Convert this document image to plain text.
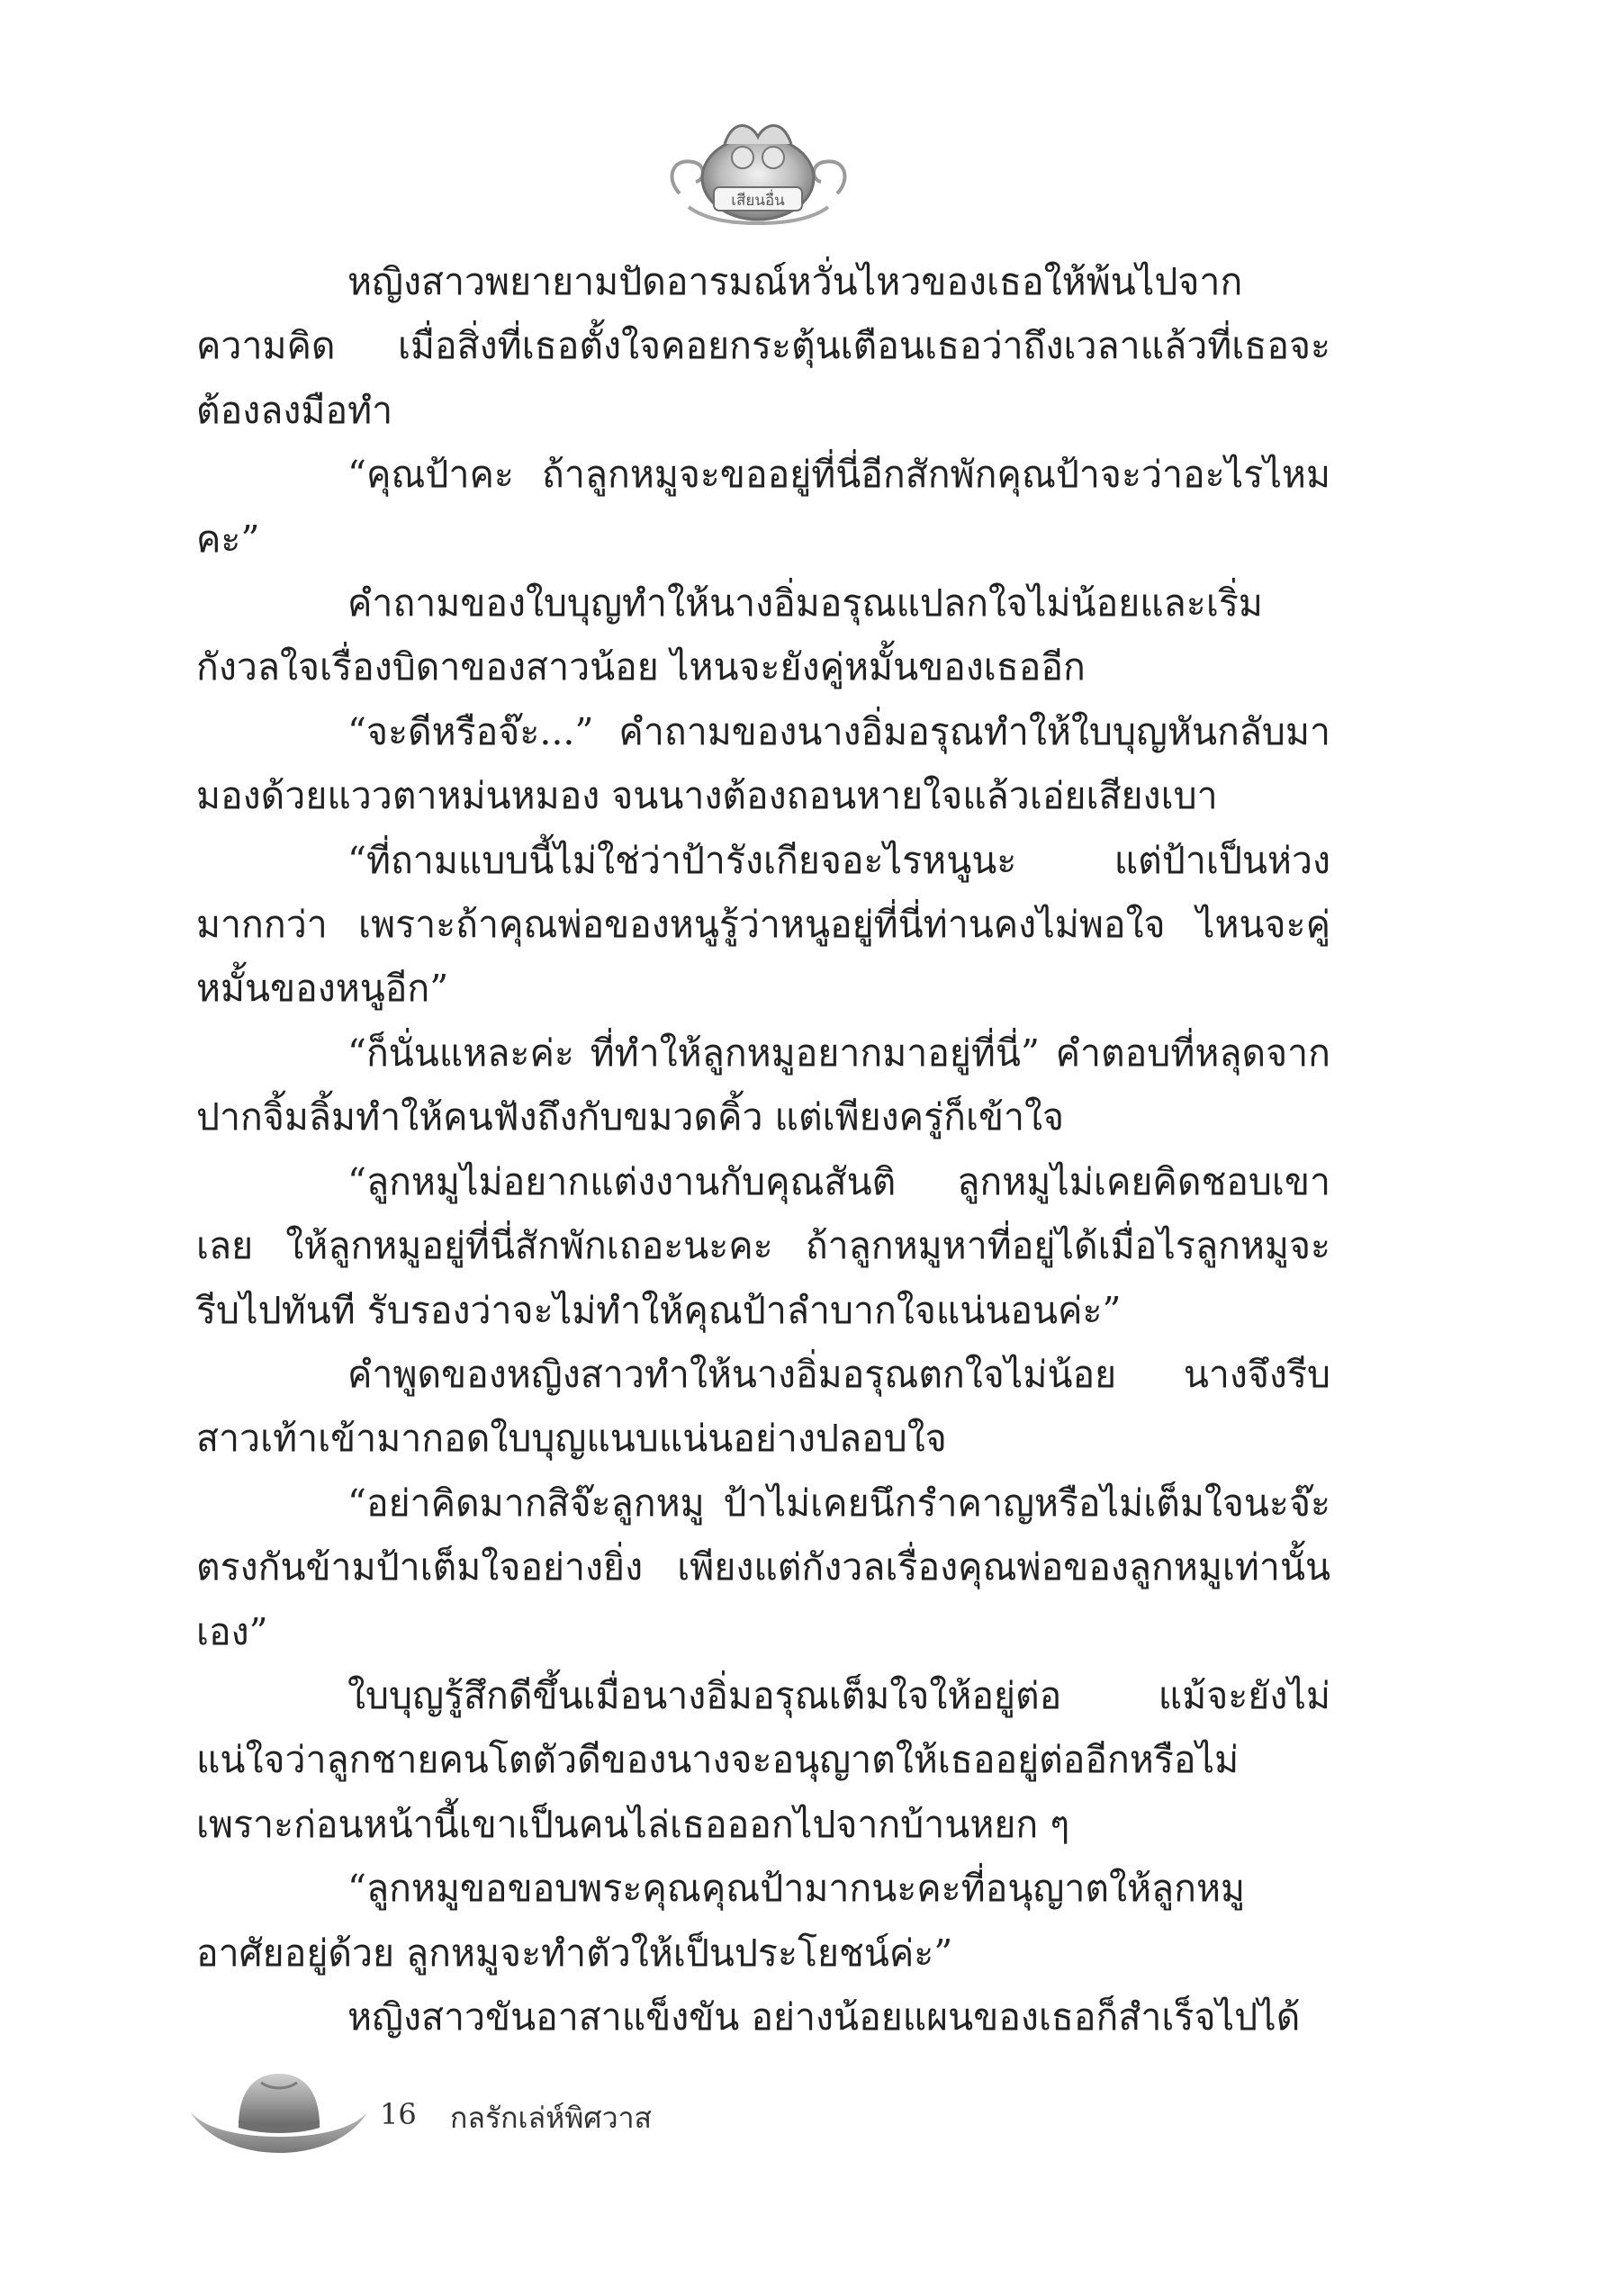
เสียนอื่น

หญิงสาวพยายามปัดอารมณ์หวั่นไหวของเธอให้พ้นไปจากความคิด เมื่อสิ่งที่เธอตั้งใจคอยกระตุ้นเตือนเธอว่าถึงเวลาแล้วที่เธอจะต้องลงมือทำ

“คุณป้าคะ ถ้าลูกหมูจะขออยู่ที่นี่อีกสักพักคุณป้าจะว่าอะไรไหมคะ”

คำถามของใบบุญทำให้นางอิ่มอรุณแปลกใจไม่น้อยและเริ่มกังวลใจเรื่องบิดาของสาวน้อย ไหนจะยังคู่หมั้นของเธออีก

“จะดีหรือจ๊ะ...” คำถามของนางอิ่มอรุณทำให้ใบบุญหันกลับมามองด้วยแววตาหม่นหมอง จนนางต้องถอนหายใจแล้วเอ่ยเสียงเบา

“ที่ถามแบบนี้ไม่ใช่ว่าป้ารังเกียจอะไรหนูนะ แต่ป้าเป็นห่วงมากกว่า เพราะถ้าคุณพ่อของหนูรู้ว่าหนูอยู่ที่นี่ท่านคงไม่พอใจ ไหนจะคู่หมั้นของหนูอีก”

“ก็นั่นแหละค่ะ ที่ทำให้ลูกหมูอยากมาอยู่ที่นี่” คำตอบที่หลุดจากปากจิ้มลิ้มทำให้คนฟังถึงกับขมวดคิ้ว แต่เพียงครู่ก็เข้าใจ

“ลูกหมูไม่อยากแต่งงานกับคุณสันติ ลูกหมูไม่เคยคิดชอบเขาเลย ให้ลูกหมูอยู่ที่นี่สักพักเถอะนะคะ ถ้าลูกหมูหาที่อยู่ได้เมื่อไรลูกหมูจะรีบไปทันที รับรองว่าจะไม่ทำให้คุณป้าลำบากใจแน่นอนค่ะ”

คำพูดของหญิงสาวทำให้นางอิ่มอรุณตกใจไม่น้อย นางจึงรีบสาวเท้าเข้ามากอดใบบุญแนบแน่นอย่างปลอบใจ

“อย่าคิดมากสิจ๊ะลูกหมู ป้าไม่เคยนึกรำคาญหรือไม่เต็มใจนะจ๊ะ ตรงกันข้ามป้าเต็มใจอย่างยิ่ง เพียงแต่กังวลเรื่องคุณพ่อของลูกหมูเท่านั้นเอง”

ใบบุญรู้สึกดีขึ้นเมื่อนางอิ่มอรุณเต็มใจให้อยู่ต่อ แม้จะยังไม่แน่ใจว่าลูกชายคนโตตัวดีของนางจะอนุญาตให้เธออยู่ต่ออีกหรือไม่ เพราะก่อนหน้านี้เขาเป็นคนไล่เธอออกไปจากบ้านหยก ๆ

“ลูกหมูขอขอบพระคุณคุณป้ามากนะคะที่อนุญาตให้ลูกหมูอาศัยอยู่ด้วย ลูกหมูจะทำตัวให้เป็นประโยชน์ค่ะ”

หญิงสาวขันอาสาแข็งขัน อย่างน้อยแผนของเธอก็สำเร็จไปได้

16 กลรักเล่ห์พิศวาส
